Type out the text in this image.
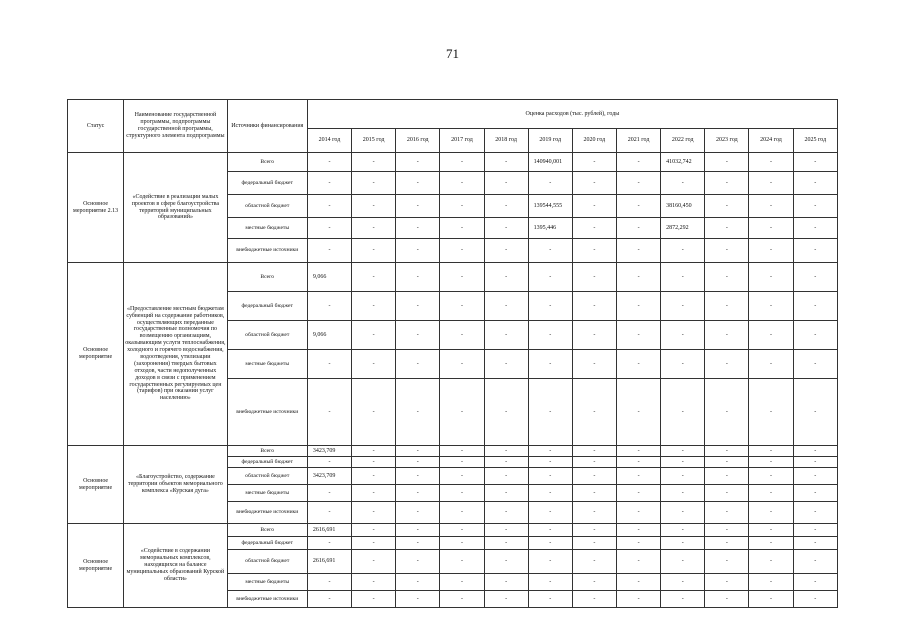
71
Статус	Наименование государственной программы, подпрограммы государственной программы, структурного элемента подпрограммы	Источники финансирования	Оценка расходов (тыс. рублей), годы											
			2014 год	2015 год	2016 год	2017 год	2018 год	2019 год	2020 год	2021 год	2022 год	2023 год	2024 год	2025 год
Основное мероприятие 2.13	«Содействие в реализации малых проектов в сфере благоустройства территорий муниципальных образований»	Всего	-	-	-	-	-	140940,001	-	-	41032,742	-	-	-
		федеральный бюджет	-	-	-	-	-	-	-	-	-	-	-	-
		областной бюджет	-	-	-	-	-	139544,555	-	-	38160,450	-	-	-
		местные бюджеты	-	-	-	-	-	1395,446	-	-	2872,292	-	-	-
		внебюджетные источники	-	-	-	-	-	-	-	-	-	-	-	-
Основное мероприятие	«Предоставление местным бюджетам субвенций на содержание работников, осуществляющих переданные государственные полномочия по возмещению организациям, оказывающим услуги теплоснабжения, холодного и горячего водоснабжения, водоотведения, утилизации (захоронения) твердых бытовых отходов, части недополученных доходов в связи с применением государственных регулируемых цен (тарифов) при оказании услуг населению»	Всего	9,066	-	-	-	-	-	-	-	-	-	-	-
		федеральный бюджет	-	-	-	-	-	-	-	-	-	-	-	-
		областной бюджет	9,066	-	-	-	-	-	-	-	-	-	-	-
		местные бюджеты	-	-	-	-	-	-	-	-	-	-	-	-
		внебюджетные источники	-	-	-	-	-	-	-	-	-	-	-	-
Основное мероприятие	«Благоустройство, содержание территории объектов мемориального комплекса «Курская дуга»	Всего	3423,709	-	-	-	-	-	-	-	-	-	-	-
		федеральный бюджет	-	-	-	-	-	-	-	-	-	-	-	-
		областной бюджет	3423,709	-	-	-	-	-	-	-	-	-	-	-
		местные бюджеты	-	-	-	-	-	-	-	-	-	-	-	-
		внебюджетные источники	-	-	-	-	-	-	-	-	-	-	-	-
Основное мероприятие	«Содействие в содержании мемориальных комплексов, находящихся на балансе муниципальных образований Курской области»	Всего	2616,691	-	-	-	-	-	-	-	-	-	-	-
		федеральный бюджет	-	-	-	-	-	-	-	-	-	-	-	-
		областной бюджет	2616,691	-	-	-	-	-	-	-	-	-	-	-
		местные бюджеты	-	-	-	-	-	-	-	-	-	-	-	-
		внебюджетные источники	-	-	-	-	-	-	-	-	-	-	-	-
